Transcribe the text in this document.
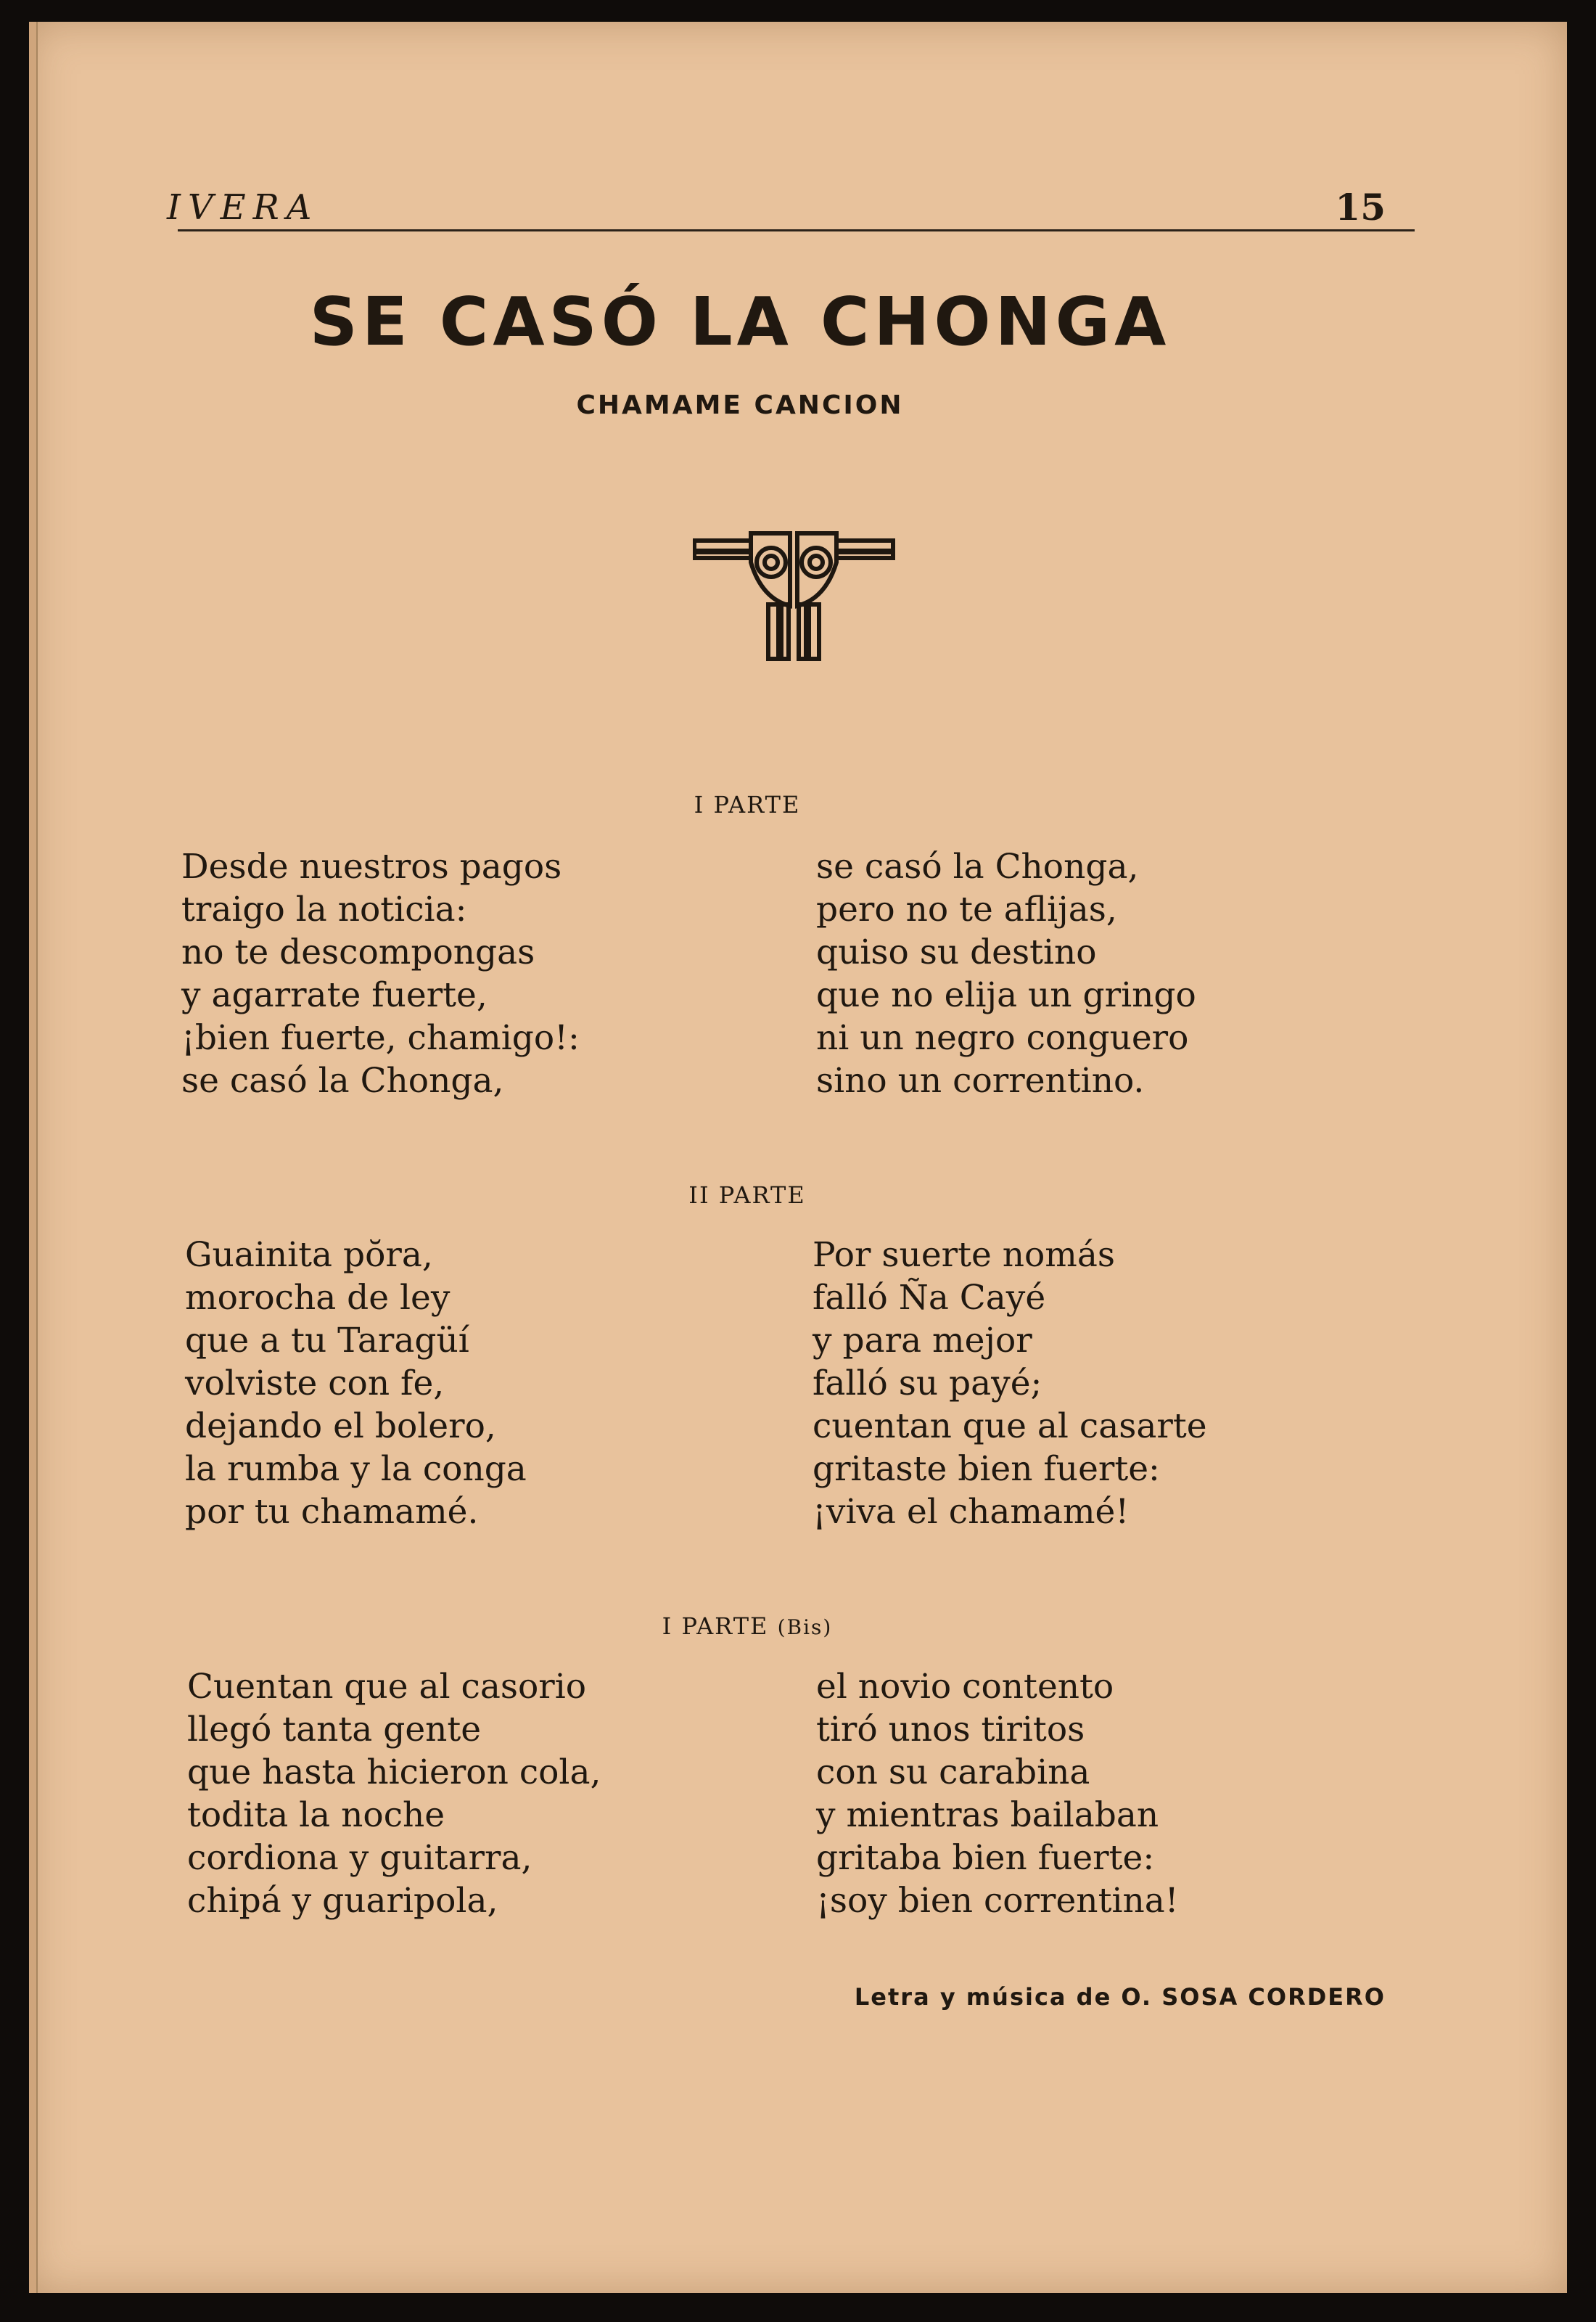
IVERA	15
SE CASÓ LA CHONGA
CHAMAME CANCION
I PARTE
Desde nuestros pagos
traigo la noticia:
no te descompongas
y agarrate fuerte,
¡bien fuerte, chamigo!:
se casó la Chonga,
se casó la Chonga,
pero no te aflijas,
quiso su destino
que no elija un gringo
ni un negro conguero
sino un correntino.
II PARTE
Guainita pŏra,
morocha de ley
que a tu Taragüí
volviste con fe,
dejando el bolero,
la rumba y la conga
por tu chamamé.
Por suerte nomás
falló Ña Cayé
y para mejor
falló su payé;
cuentan que al casarte
gritaste bien fuerte:
¡viva el chamamé!
I PARTE (Bis)
Cuentan que al casorio
llegó tanta gente
que hasta hicieron cola,
todita la noche
cordiona y guitarra,
chipá y guaripola,
el novio contento
tiró unos tiritos
con su carabina
y mientras bailaban
gritaba bien fuerte:
¡soy bien correntina!
Letra y música de O. SOSA CORDERO
